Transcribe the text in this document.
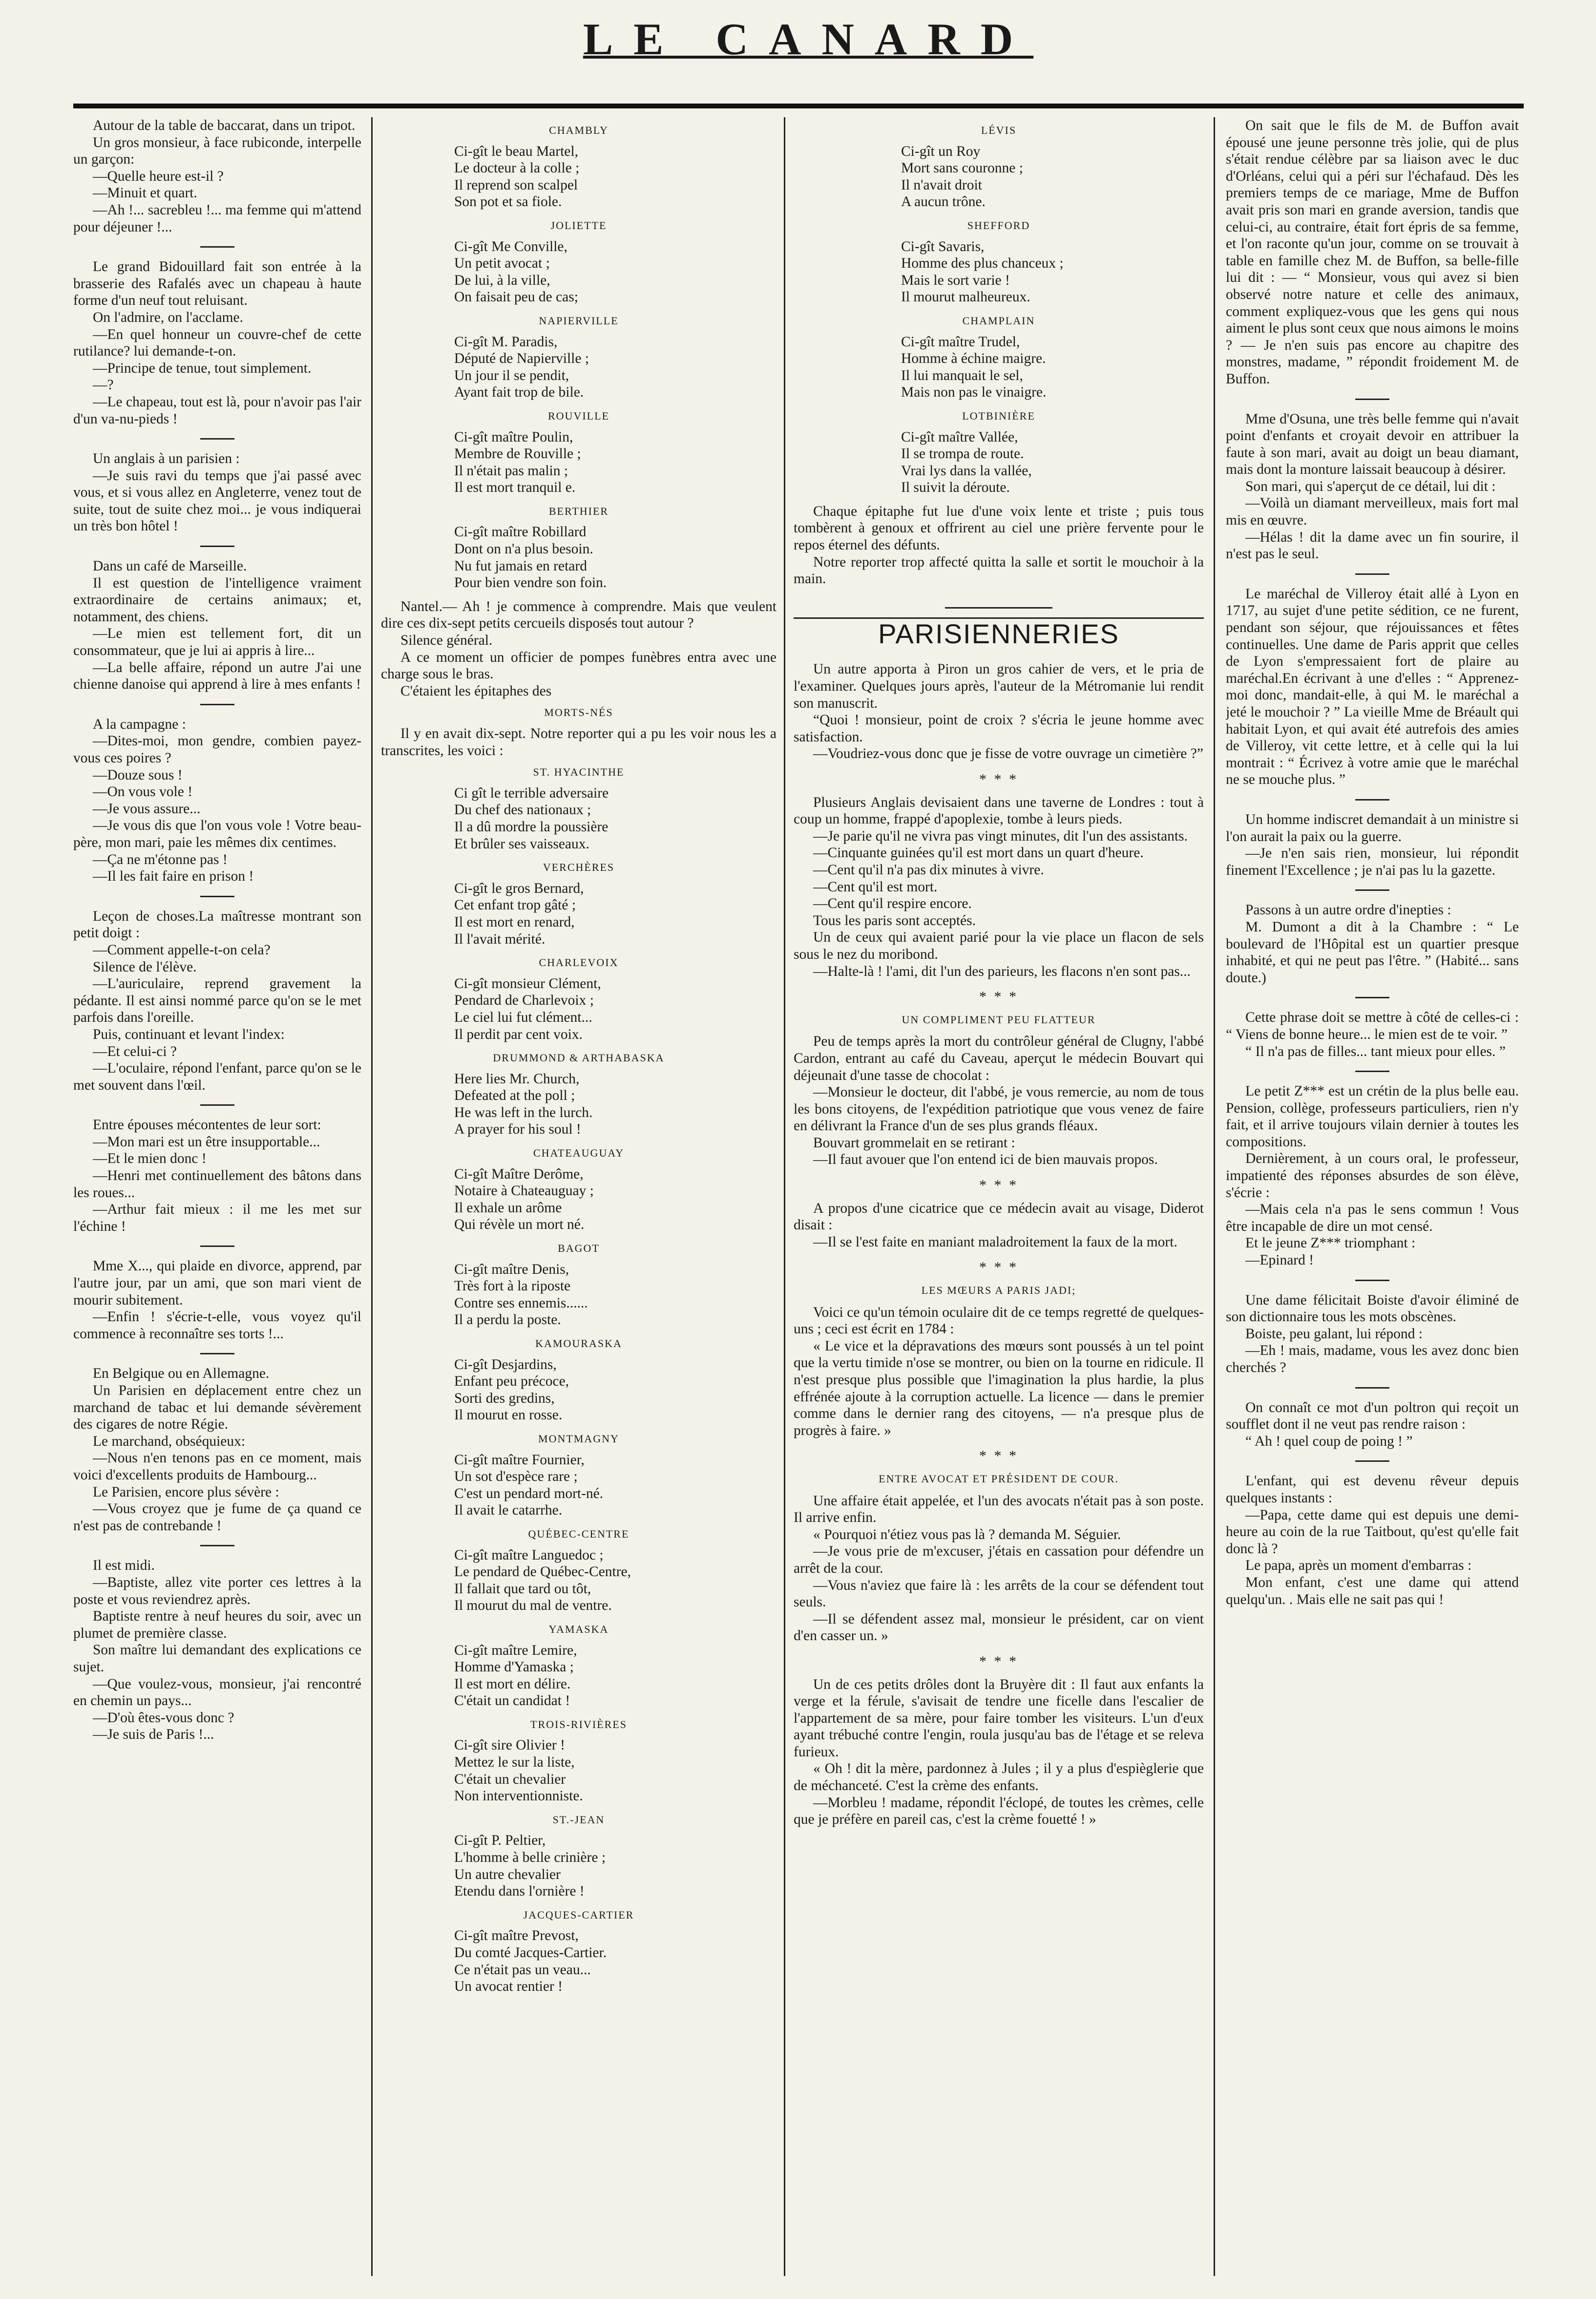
LE CANARD

Autour de la table de baccarat, dans un tripot.

Un gros monsieur, à face rubiconde, interpelle un garçon:

—Quelle heure est-il ?

—Minuit et quart.

—Ah !... sacrebleu !... ma femme qui m'attend pour déjeuner !...

Le grand Bidouillard fait son entrée à la brasserie des Rafalés avec un chapeau à haute forme d'un neuf tout reluisant.

On l'admire, on l'acclame.

—En quel honneur un couvre-chef de cette rutilance? lui demande-t-on.

—Principe de tenue, tout simplement.

—?

—Le chapeau, tout est là, pour n'avoir pas l'air d'un va-nu-pieds !

Un anglais à un parisien :

—Je suis ravi du temps que j'ai passé avec vous, et si vous allez en Angleterre, venez tout de suite, tout de suite chez moi... je vous indiquerai un très bon hôtel !

Dans un café de Marseille.

Il est question de l'intelligence vraiment extraordinaire de certains animaux; et, notamment, des chiens.

—Le mien est tellement fort, dit un consommateur, que je lui ai appris à lire...

—La belle affaire, répond un autre J'ai une chienne danoise qui apprend à lire à mes enfants !

A la campagne :

—Dites-moi, mon gendre, combien payez-vous ces poires ?

—Douze sous !

—On vous vole !

—Je vous assure...

—Je vous dis que l'on vous vole ! Votre beau-père, mon mari, paie les mêmes dix centimes.

—Ça ne m'étonne pas !

—Il les fait faire en prison !

Leçon de choses.La maîtresse montrant son petit doigt :

—Comment appelle-t-on cela?

Silence de l'élève.

—L'auriculaire, reprend gravement la pédante. Il est ainsi nommé parce qu'on se le met parfois dans l'oreille.

Puis, continuant et levant l'index:

—Et celui-ci ?

—L'oculaire, répond l'enfant, parce qu'on se le met souvent dans l'œil.

Entre épouses mécontentes de leur sort:

—Mon mari est un être insupportable...

—Et le mien donc !

—Henri met continuellement des bâtons dans les roues...

—Arthur fait mieux : il me les met sur l'échine !

Mme X..., qui plaide en divorce, apprend, par l'autre jour, par un ami, que son mari vient de mourir subitement.

—Enfin ! s'écrie-t-elle, vous voyez qu'il commence à reconnaître ses torts !...

En Belgique ou en Allemagne.

Un Parisien en déplacement entre chez un marchand de tabac et lui demande sévèrement des cigares de notre Régie.

Le marchand, obséquieux:

—Nous n'en tenons pas en ce moment, mais voici d'excellents produits de Hambourg...

Le Parisien, encore plus sévère :

—Vous croyez que je fume de ça quand ce n'est pas de contrebande !

Il est midi.

—Baptiste, allez vite porter ces lettres à la poste et vous reviendrez après.

Baptiste rentre à neuf heures du soir, avec un plumet de première classe.

Son maître lui demandant des explications ce sujet.

—Que voulez-vous, monsieur, j'ai rencontré en chemin un pays...

—D'où êtes-vous donc ?

—Je suis de Paris !...

CHAMBLY
Ci-gît le beau Martel,
Le docteur à la colle ;
Il reprend son scalpel
Son pot et sa fiole.
JOLIETTE
Ci-gît Me Conville,
Un petit avocat ;
De lui, à la ville,
On faisait peu de cas;
NAPIERVILLE
Ci-gît M. Paradis,
Député de Napierville ;
Un jour il se pendit,
Ayant fait trop de bile.
ROUVILLE
Ci-gît maître Poulin,
Membre de Rouville ;
Il n'était pas malin ;
Il est mort tranquil e.
BERTHIER
Ci-gît maître Robillard
Dont on n'a plus besoin.
Nu fut jamais en retard
Pour bien vendre son foin.

Nantel.— Ah ! je commence à comprendre. Mais que veulent dire ces dix-sept petits cercueils disposés tout autour ?

Silence général.

A ce moment un officier de pompes funèbres entra avec une charge sous le bras.

C'étaient les épitaphes des

MORTS-NÉS

Il y en avait dix-sept. Notre reporter qui a pu les voir nous les a transcrites, les voici :

ST. HYACINTHE
Ci gît le terrible adversaire
Du chef des nationaux ;
Il a dû mordre la poussière
Et brûler ses vaisseaux.
VERCHÈRES
Ci-gît le gros Bernard,
Cet enfant trop gâté ;
Il est mort en renard,
Il l'avait mérité.
CHARLEVOIX
Ci-gît monsieur Clément,
Pendard de Charlevoix ;
Le ciel lui fut clément...
Il perdit par cent voix.
DRUMMOND & ARTHABASKA
Here lies Mr. Church,
Defeated at the poll ;
He was left in the lurch.
A prayer for his soul !
CHATEAUGUAY
Ci-gît Maître Derôme,
Notaire à Chateauguay ;
Il exhale un arôme
Qui révèle un mort né.
BAGOT
Ci-gît maître Denis,
Très fort à la riposte
Contre ses ennemis......
Il a perdu la poste.
KAMOURASKA
Ci-gît Desjardins,
Enfant peu précoce,
Sorti des gredins,
Il mourut en rosse.
MONTMAGNY
Ci-gît maître Fournier,
Un sot d'espèce rare ;
C'est un pendard mort-né.
Il avait le catarrhe.
QUÉBEC-CENTRE
Ci-gît maître Languedoc ;
Le pendard de Québec-Centre,
Il fallait que tard ou tôt,
Il mourut du mal de ventre.
YAMASKA
Ci-gît maître Lemire,
Homme d'Yamaska ;
Il est mort en délire.
C'était un candidat !
TROIS-RIVIÈRES
Ci-gît sire Olivier !
Mettez le sur la liste,
C'était un chevalier
Non interventionniste.
ST.-JEAN
Ci-gît P. Peltier,
L'homme à belle crinière ;
Un autre chevalier
Etendu dans l'ornière !
JACQUES-CARTIER
Ci-gît maître Prevost,
Du comté Jacques-Cartier.
Ce n'était pas un veau...
Un avocat rentier !
LÉVIS
Ci-gît un Roy
Mort sans couronne ;
Il n'avait droit
A aucun trône.
SHEFFORD
Ci-gît Savaris,
Homme des plus chanceux ;
Mais le sort varie !
Il mourut malheureux.
CHAMPLAIN
Ci-gît maître Trudel,
Homme à échine maigre.
Il lui manquait le sel,
Mais non pas le vinaigre.
LOTBINIÈRE
Ci-gît maître Vallée,
Il se trompa de route.
Vrai lys dans la vallée,
Il suivit la déroute.

Chaque épitaphe fut lue d'une voix lente et triste ; puis tous tombèrent à genoux et offrirent au ciel une prière fervente pour le repos éternel des défunts.

Notre reporter trop affecté quitta la salle et sortit le mouchoir à la main.

PARISIENNERIES

Un autre apporta à Piron un gros cahier de vers, et le pria de l'examiner. Quelques jours après, l'auteur de la Métromanie lui rendit son manuscrit.

“Quoi ! monsieur, point de croix ? s'écria le jeune homme avec satisfaction.

—Voudriez-vous donc que je fisse de votre ouvrage un cimetière ?”

* * *

Plusieurs Anglais devisaient dans une taverne de Londres : tout à coup un homme, frappé d'apoplexie, tombe à leurs pieds.

—Je parie qu'il ne vivra pas vingt minutes, dit l'un des assistants.

—Cinquante guinées qu'il est mort dans un quart d'heure.

—Cent qu'il n'a pas dix minutes à vivre.

—Cent qu'il est mort.

—Cent qu'il respire encore.

Tous les paris sont acceptés.

Un de ceux qui avaient parié pour la vie place un flacon de sels sous le nez du moribond.

—Halte-là ! l'ami, dit l'un des parieurs, les flacons n'en sont pas...

* * *
UN COMPLIMENT PEU FLATTEUR

Peu de temps après la mort du contrôleur général de Clugny, l'abbé Cardon, entrant au café du Caveau, aperçut le médecin Bouvart qui déjeunait d'une tasse de chocolat :

—Monsieur le docteur, dit l'abbé, je vous remercie, au nom de tous les bons citoyens, de l'expédition patriotique que vous venez de faire en délivrant la France d'un de ses plus grands fléaux.

Bouvart grommelait en se retirant :

—Il faut avouer que l'on entend ici de bien mauvais propos.

* * *

A propos d'une cicatrice que ce médecin avait au visage, Diderot disait :

—Il se l'est faite en maniant maladroitement la faux de la mort.

* * *
LES MŒURS A PARIS JADI;

Voici ce qu'un témoin oculaire dit de ce temps regretté de quelques-uns ; ceci est écrit en 1784 :

« Le vice et la dépravations des mœurs sont poussés à un tel point que la vertu timide n'ose se montrer, ou bien on la tourne en ridicule. Il n'est presque plus possible que l'imagination la plus hardie, la plus effrénée ajoute à la corruption actuelle. La licence — dans le premier comme dans le dernier rang des citoyens, — n'a presque plus de progrès à faire. »

* * *
ENTRE AVOCAT ET PRÉSIDENT DE COUR.

Une affaire était appelée, et l'un des avocats n'était pas à son poste. Il arrive enfin.

« Pourquoi n'étiez vous pas là ? demanda M. Séguier.

—Je vous prie de m'excuser, j'étais en cassation pour défendre un arrêt de la cour.

—Vous n'aviez que faire là : les arrêts de la cour se défendent tout seuls.

—Il se défendent assez mal, monsieur le président, car on vient d'en casser un. »

* * *

Un de ces petits drôles dont la Bruyère dit : Il faut aux enfants la verge et la férule, s'avisait de tendre une ficelle dans l'escalier de l'appartement de sa mère, pour faire tomber les visiteurs. L'un d'eux ayant trébuché contre l'engin, roula jusqu'au bas de l'étage et se releva furieux.

« Oh ! dit la mère, pardonnez à Jules ; il y a plus d'espièglerie que de méchanceté. C'est la crème des enfants.

—Morbleu ! madame, répondit l'éclopé, de toutes les crèmes, celle que je préfère en pareil cas, c'est la crème fouetté ! »

On sait que le fils de M. de Buffon avait épousé une jeune personne très jolie, qui de plus s'était rendue célèbre par sa liaison avec le duc d'Orléans, celui qui a péri sur l'échafaud. Dès les premiers temps de ce mariage, Mme de Buffon avait pris son mari en grande aversion, tandis que celui-ci, au contraire, était fort épris de sa femme, et l'on raconte qu'un jour, comme on se trouvait à table en famille chez M. de Buffon, sa belle-fille lui dit : — “ Monsieur, vous qui avez si bien observé notre nature et celle des animaux, comment expliquez-vous que les gens qui nous aiment le plus sont ceux que nous aimons le moins ? — Je n'en suis pas encore au chapitre des monstres, madame, ” répondit froidement M. de Buffon.

Mme d'Osuna, une très belle femme qui n'avait point d'enfants et croyait devoir en attribuer la faute à son mari, avait au doigt un beau diamant, mais dont la monture laissait beaucoup à désirer.

Son mari, qui s'aperçut de ce détail, lui dit :

—Voilà un diamant merveilleux, mais fort mal mis en œuvre.

—Hélas ! dit la dame avec un fin sourire, il n'est pas le seul.

Le maréchal de Villeroy était allé à Lyon en 1717, au sujet d'une petite sédition, ce ne furent, pendant son séjour, que réjouissances et fêtes continuelles. Une dame de Paris apprit que celles de Lyon s'empressaient fort de plaire au maréchal.En écrivant à une d'elles : “ Apprenez-moi donc, mandait-elle, à qui M. le maréchal a jeté le mouchoir ? ” La vieille Mme de Bréault qui habitait Lyon, et qui avait été autrefois des amies de Villeroy, vit cette lettre, et à celle qui la lui montrait : “ Écrivez à votre amie que le maréchal ne se mouche plus. ”

Un homme indiscret demandait à un ministre si l'on aurait la paix ou la guerre.

—Je n'en sais rien, monsieur, lui répondit finement l'Excellence ; je n'ai pas lu la gazette.

Passons à un autre ordre d'inepties :

M. Dumont a dit à la Chambre : “ Le boulevard de l'Hôpital est un quartier presque inhabité, et qui ne peut pas l'être. ” (Habité... sans doute.)

Cette phrase doit se mettre à côté de celles-ci : “ Viens de bonne heure... le mien est de te voir. ”

“ Il n'a pas de filles... tant mieux pour elles. ”

Le petit Z*** est un crétin de la plus belle eau. Pension, collège, professeurs particuliers, rien n'y fait, et il arrive toujours vilain dernier à toutes les compositions.

Dernièrement, à un cours oral, le professeur, impatienté des réponses absurdes de son élève, s'écrie :

—Mais cela n'a pas le sens commun ! Vous être incapable de dire un mot censé.

Et le jeune Z*** triomphant :

—Epinard !

Une dame félicitait Boiste d'avoir éliminé de son dictionnaire tous les mots obscènes.

Boiste, peu galant, lui répond :

—Eh ! mais, madame, vous les avez donc bien cherchés ?

On connaît ce mot d'un poltron qui reçoit un soufflet dont il ne veut pas rendre raison :

“ Ah ! quel coup de poing ! ”

L'enfant, qui est devenu rêveur depuis quelques instants :

—Papa, cette dame qui est depuis une demi-heure au coin de la rue Taitbout, qu'est qu'elle fait donc là ?

Le papa, après un moment d'embarras :

Mon enfant, c'est une dame qui attend quelqu'un. . Mais elle ne sait pas qui !
